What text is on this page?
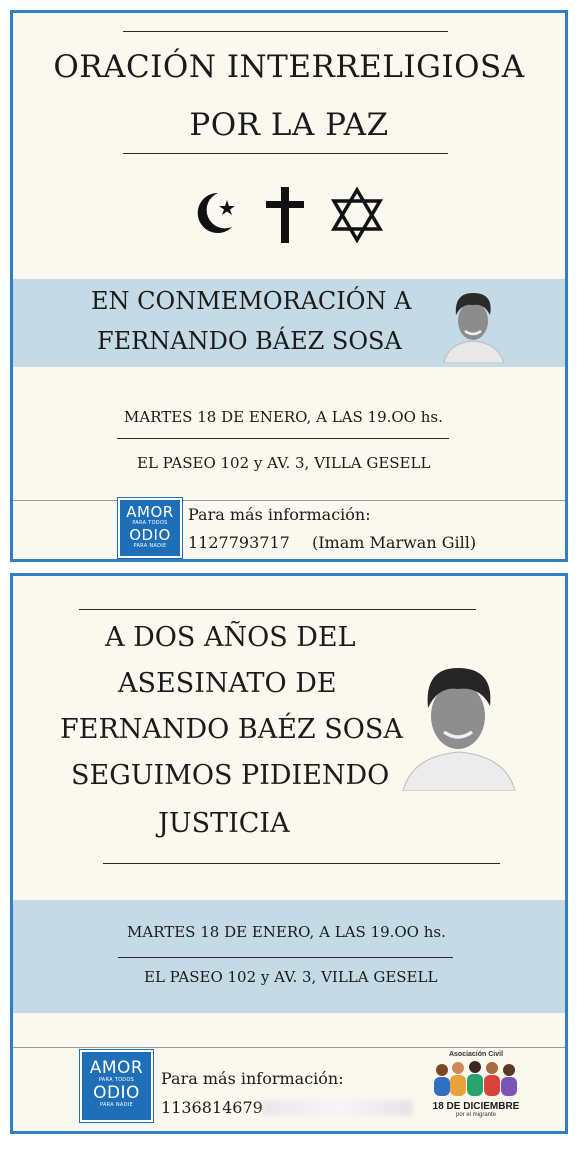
ORACIÓN INTERRELIGIOSA
POR LA PAZ
EN CONMEMORACIÓN A
FERNANDO BÁEZ SOSA
MARTES 18 DE ENERO, A LAS 19.OO hs.
EL PASEO 102 y AV. 3, VILLA GESELL
AMOR
PARA TODOS
ODIO
PARA NADIE
Para más información:
1127793717 (Imam Marwan Gill)
A DOS AÑOS DEL
ASESINATO DE
FERNANDO BAÉZ SOSA
SEGUIMOS PIDIENDO
JUSTICIA
MARTES 18 DE ENERO, A LAS 19.OO hs.
EL PASEO 102 y AV. 3, VILLA GESELL
AMOR
PARA TODOS
ODIO
PARA NADIE
Para más información:
1136814679
Asociación Civil
18 DE DICIEMBRE
por el migrante
